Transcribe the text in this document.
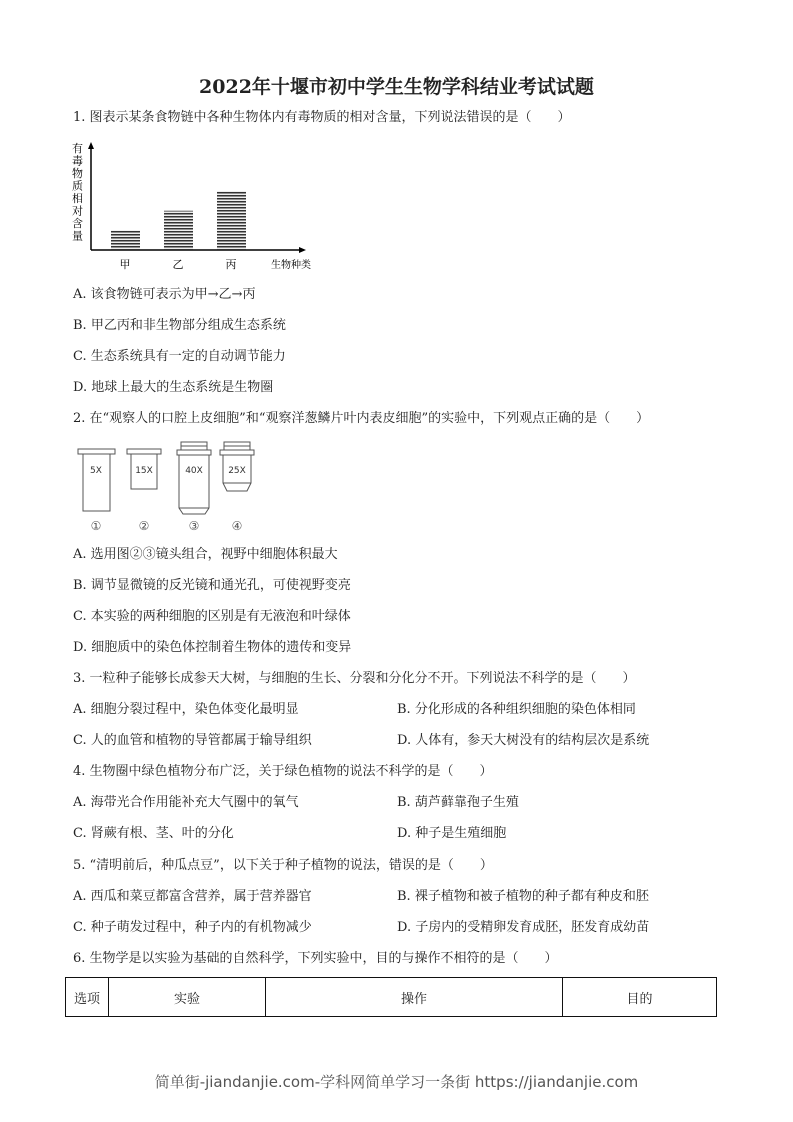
2022年十堰市初中学生生物学科结业考试试题
1. 图表示某条食物链中各种生物体内有毒物质的相对含量，下列说法错误的是（　　）
有
毒
物
质
相
对
含
量
甲	乙	丙	生物种类
A. 该食物链可表示为甲→乙→丙
B. 甲乙丙和非生物部分组成生态系统
C. 生态系统具有一定的自动调节能力
D. 地球上最大的生态系统是生物圈
2. 在“观察人的口腔上皮细胞”和“观察洋葱鳞片叶内表皮细胞”的实验中，下列观点正确的是（　　）
5X
①
15X
②
40X
③
25X
④
A. 选用图②③镜头组合，视野中细胞体积最大
B. 调节显微镜的反光镜和通光孔，可使视野变亮
C. 本实验的两种细胞的区别是有无液泡和叶绿体
D. 细胞质中的染色体控制着生物体的遗传和变异
3. 一粒种子能够长成参天大树，与细胞的生长、分裂和分化分不开。下列说法不科学的是（　　）
A. 细胞分裂过程中，染色体变化最明显	B. 分化形成的各种组织细胞的染色体相同
C. 人的血管和植物的导管都属于输导组织	D. 人体有，参天大树没有的结构层次是系统
4. 生物圈中绿色植物分布广泛，关于绿色植物的说法不科学的是（　　）
A. 海带光合作用能补充大气圈中的氧气	B. 葫芦藓靠孢子生殖
C. 肾蕨有根、茎、叶的分化	D. 种子是生殖细胞
5. “清明前后，种瓜点豆”，以下关于种子植物的说法，错误的是（　　）
A. 西瓜和菜豆都富含营养，属于营养器官	B. 裸子植物和被子植物的种子都有种皮和胚
C. 种子萌发过程中，种子内的有机物减少	D. 子房内的受精卵发育成胚，胚发育成幼苗
6. 生物学是以实验为基础的自然科学，下列实验中，目的与操作不相符的是（　　）
选项	实验	操作	目的
简单街-jiandanjie.com-学科网简单学习一条街 https://jiandanjie.com
